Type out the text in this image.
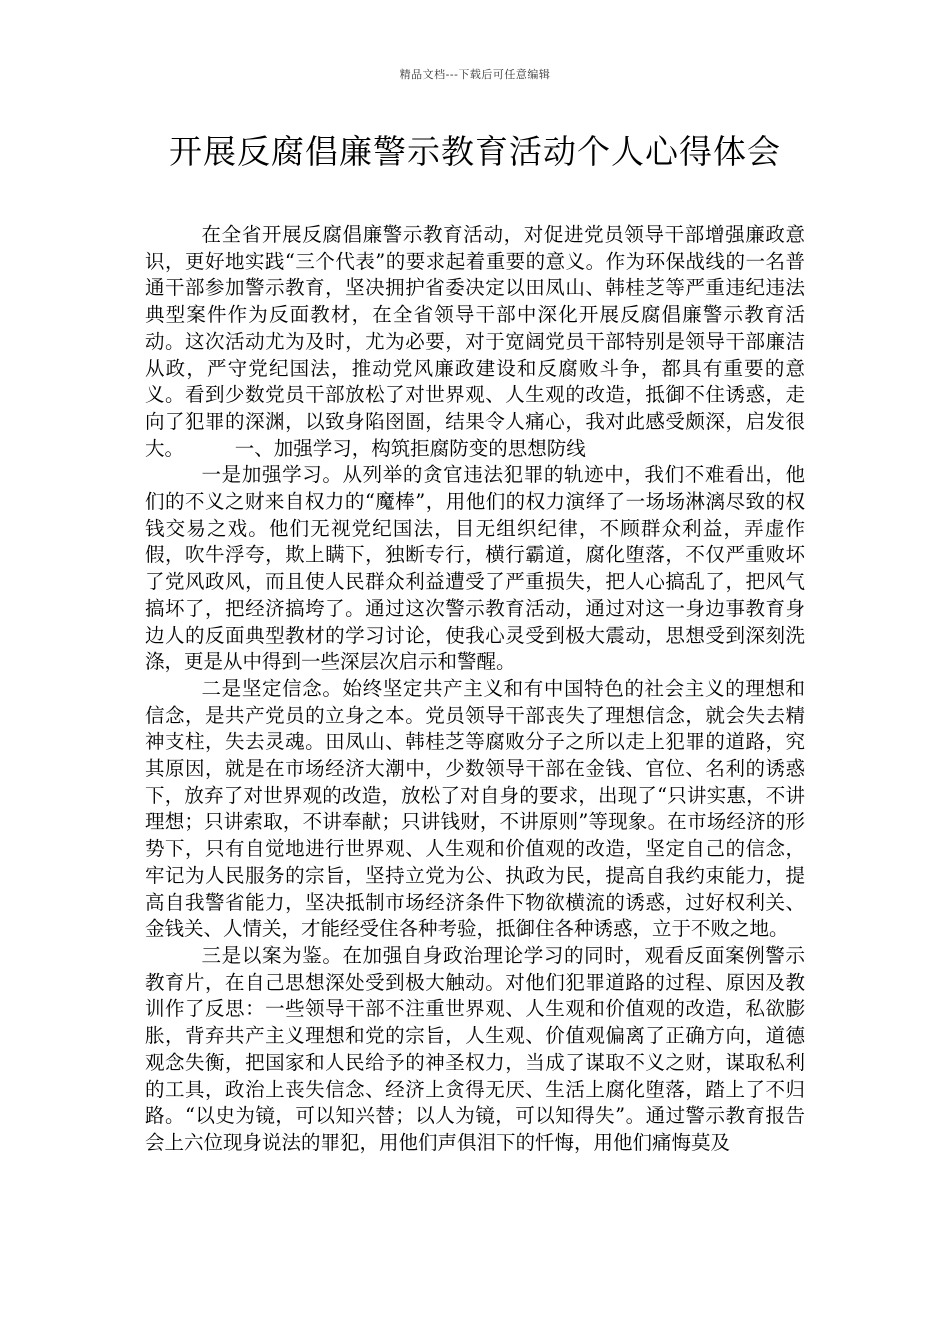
精品文档---下载后可任意编辑
开展反腐倡廉警示教育活动个人心得体会

在全省开展反腐倡廉警示教育活动，对促进党员领导干部增强廉政意识，更好地实践“三个代表”的要求起着重要的意义。作为环保战线的一名普通干部参加警示教育，坚决拥护省委决定以田凤山、韩桂芝等严重违纪违法典型案件作为反面教材，在全省领导干部中深化开展反腐倡廉警示教育活动。这次活动尤为及时，尤为必要，对于宽阔党员干部特别是领导干部廉洁从政，严守党纪国法，推动党风廉政建设和反腐败斗争，都具有重要的意义。看到少数党员干部放松了对世界观、人生观的改造，抵御不住诱惑，走向了犯罪的深渊，以致身陷囹圄，结果令人痛心，我对此感受颇深，启发很大。	一、加强学习，构筑拒腐防变的思想防线

一是加强学习。从列举的贪官违法犯罪的轨迹中，我们不难看出，他们的不义之财来自权力的“魔棒”，用他们的权力演绎了一场场淋漓尽致的权钱交易之戏。他们无视党纪国法，目无组织纪律，不顾群众利益，弄虚作假，吹牛浮夸，欺上瞒下，独断专行，横行霸道，腐化堕落，不仅严重败坏了党风政风，而且使人民群众利益遭受了严重损失，把人心搞乱了，把风气搞坏了，把经济搞垮了。通过这次警示教育活动，通过对这一身边事教育身边人的反面典型教材的学习讨论，使我心灵受到极大震动，思想受到深刻洗涤，更是从中得到一些深层次启示和警醒。

二是坚定信念。始终坚定共产主义和有中国特色的社会主义的理想和信念，是共产党员的立身之本。党员领导干部丧失了理想信念，就会失去精神支柱，失去灵魂。田凤山、韩桂芝等腐败分子之所以走上犯罪的道路，究其原因，就是在市场经济大潮中，少数领导干部在金钱、官位、名利的诱惑下，放弃了对世界观的改造，放松了对自身的要求，出现了“只讲实惠，不讲理想；只讲索取，不讲奉献；只讲钱财，不讲原则”等现象。在市场经济的形势下，只有自觉地进行世界观、人生观和价值观的改造，坚定自己的信念，牢记为人民服务的宗旨，坚持立党为公、执政为民，提高自我约束能力，提高自我警省能力，坚决抵制市场经济条件下物欲横流的诱惑，过好权利关、金钱关、人情关，才能经受住各种考验，抵御住各种诱惑，立于不败之地。

三是以案为鉴。在加强自身政治理论学习的同时，观看反面案例警示教育片，在自己思想深处受到极大触动。对他们犯罪道路的过程、原因及教训作了反思：一些领导干部不注重世界观、人生观和价值观的改造，私欲膨胀，背弃共产主义理想和党的宗旨，人生观、价值观偏离了正确方向，道德观念失衡，把国家和人民给予的神圣权力，当成了谋取不义之财，谋取私利的工具，政治上丧失信念、经济上贪得无厌、生活上腐化堕落，踏上了不归路。“以史为镜，可以知兴替；以人为镜，可以知得失”。通过警示教育报告会上六位现身说法的罪犯，用他们声俱泪下的忏悔，用他们痛悔莫及
